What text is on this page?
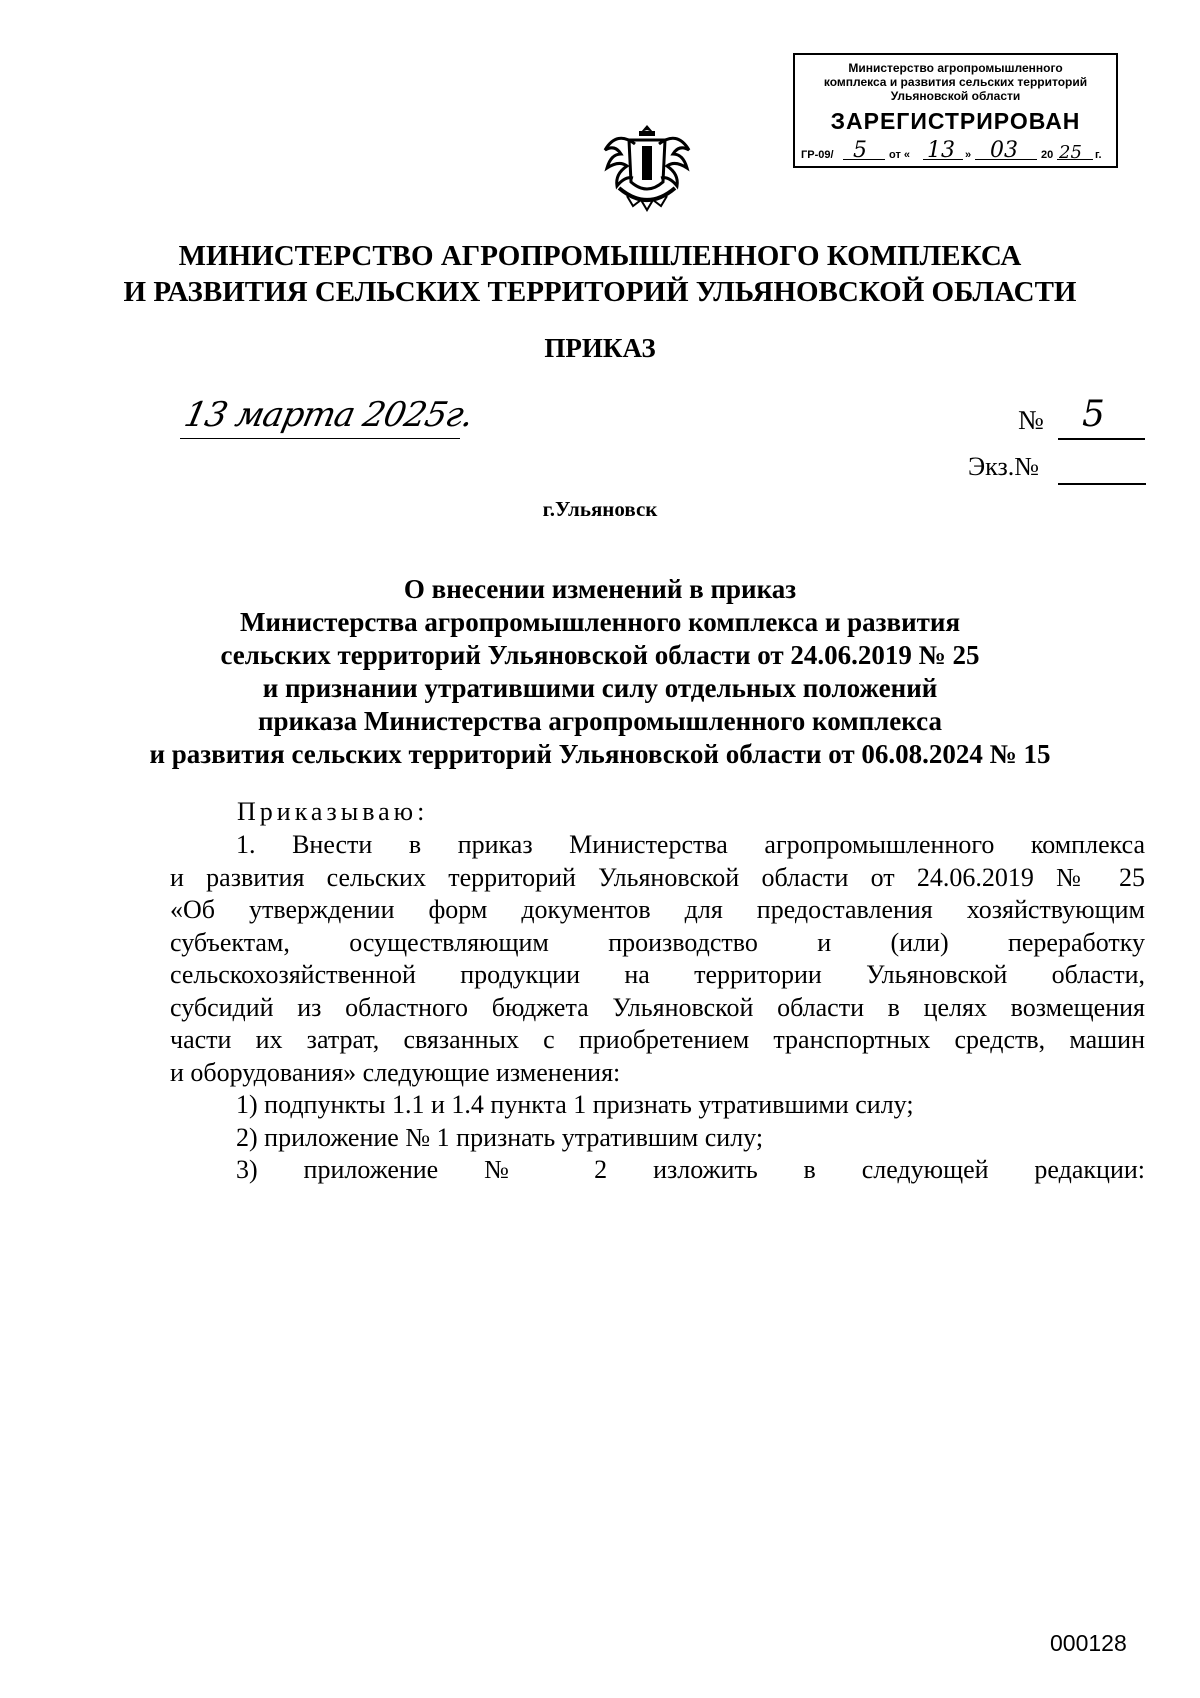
Министерство агропромышленного
комплекса и развития сельских территорий
Ульяновской области
ЗАРЕГИСТРИРОВАН
ГР-09/ 5 от « 13 » 03 20 25 г.
МИНИСТЕРСТВО АГРОПРОМЫШЛЕННОГО КОМПЛЕКСА
И РАЗВИТИЯ СЕЛЬСКИХ ТЕРРИТОРИЙ УЛЬЯНОВСКОЙ ОБЛАСТИ
ПРИКАЗ
13 марта 2025г.	№ 5
Экз.№
г.Ульяновск
О внесении изменений в приказ
Министерства агропромышленного комплекса и развития
сельских территорий Ульяновской области от 24.06.2019 № 25
и признании утратившими силу отдельных положений
приказа Министерства агропромышленного комплекса
и развития сельских территорий Ульяновской области от 06.08.2024 № 15
Приказываю:
1. Внести в приказ Министерства агропромышленного комплекса
и развития сельских территорий Ульяновской области от 24.06.2019 № 25
«Об утверждении форм документов для предоставления хозяйствующим
субъектам, осуществляющим производство и (или) переработку
сельскохозяйственной продукции на территории Ульяновской области,
субсидий из областного бюджета Ульяновской области в целях возмещения
части их затрат, связанных с приобретением транспортных средств, машин
и оборудования» следующие изменения:
1) подпункты 1.1 и 1.4 пункта 1 признать утратившими силу;
2) приложение № 1 признать утратившим силу;
3) приложение № 2 изложить в следующей редакции:
000128
